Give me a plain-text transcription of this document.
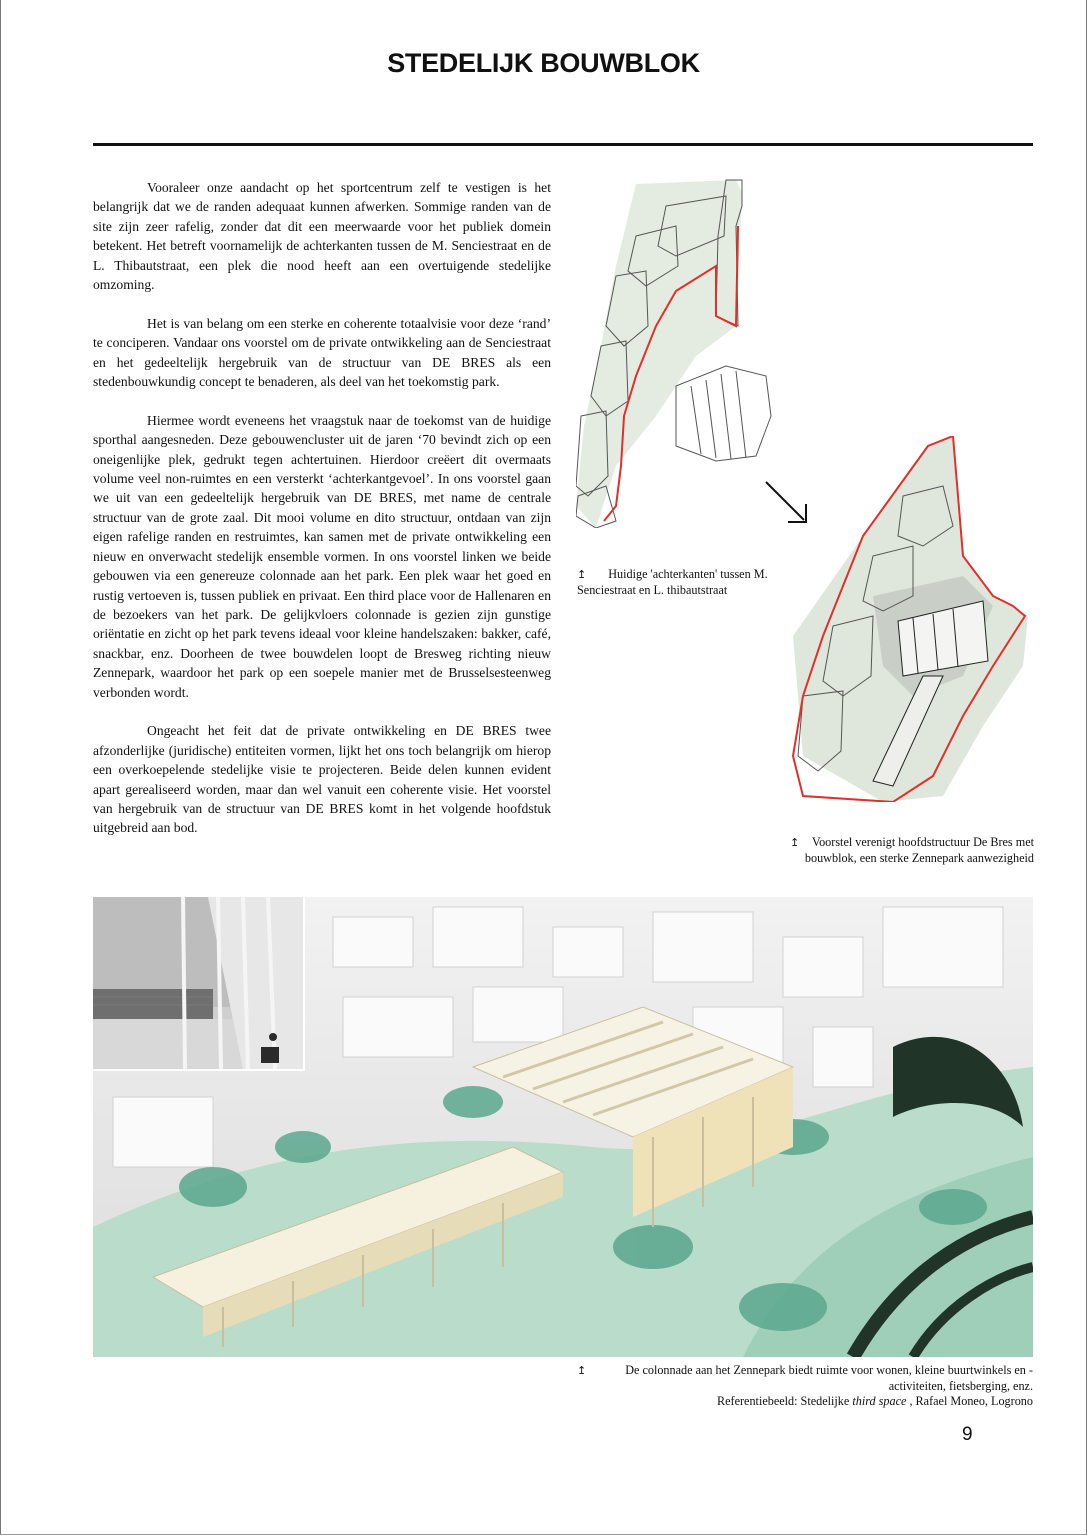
STEDELIJK BOUWBLOK

Vooraleer onze aandacht op het sportcentrum zelf te vestigen is het belangrijk dat we de randen adequaat kunnen afwerken. Sommige randen van de site zijn zeer rafelig, zonder dat dit een meerwaarde voor het publiek domein betekent. Het betreft voornamelijk de achterkanten tussen de M. Senciestraat en de L. Thibautstraat, een plek die nood heeft aan een overtuigende stedelijke omzoming.

Het is van belang om een sterke en coherente totaalvisie voor deze ‘rand’ te conciperen. Vandaar ons voorstel om de private ontwikkeling aan de Senciestraat en het gedeeltelijk hergebruik van de structuur van DE BRES als een stedenbouwkundig concept te benaderen, als deel van het toekomstig park.

Hiermee wordt eveneens het vraagstuk naar de toekomst van de huidige sporthal aangesneden. Deze gebouwencluster uit de jaren ‘70 bevindt zich op een oneigenlijke plek, gedrukt tegen achtertuinen. Hierdoor creëert dit overmaats volume veel non-ruimtes en een versterkt ‘achterkantgevoel’. In ons voorstel gaan we uit van een gedeeltelijk hergebruik van DE BRES, met name de centrale structuur van de grote zaal. Dit mooi volume en dito structuur, ontdaan van zijn eigen rafelige randen en restruimtes, kan samen met de private ontwikkeling een nieuw en onverwacht stedelijk ensemble vormen. In ons voorstel linken we beide gebouwen via een genereuze colonnade aan het park. Een plek waar het goed en rustig vertoeven is, tussen publiek en privaat. Een third place voor de Hallenaren en de bezoekers van het park. De gelijkvloers colonnade is gezien zijn gunstige oriëntatie en zicht op het park tevens ideaal voor kleine handelszaken: bakker, café, snackbar, enz. Doorheen de twee bouwdelen loopt de Bresweg richting nieuw Zennepark, waardoor het park op een soepele manier met de Brusselsesteenweg verbonden wordt.

Ongeacht het feit dat de private ontwikkeling en DE BRES twee afzonderlijke (juridische) entiteiten vormen, lijkt het ons toch belangrijk om hierop een overkoepelende stedelijke visie te projecteren. Beide delen kunnen evident apart gerealiseerd worden, maar dan wel vanuit een coherente visie. Het voorstel van hergebruik van de structuur van DE BRES komt in het volgende hoofdstuk uitgebreid aan bod.

↥ Huidige 'achterkanten' tussen M. Senciestraat en L. thibautstraat
↥ Voorstel verenigt hoofdstructuur De Bres met bouwblok, een sterke Zennepark aanwezigheid
↥	De colonnade aan het Zennepark biedt ruimte voor wonen, kleine buurtwinkels en -activiteiten, fietsberging, enz.
Referentiebeeld: Stedelijke third space , Rafael Moneo, Logrono
9
